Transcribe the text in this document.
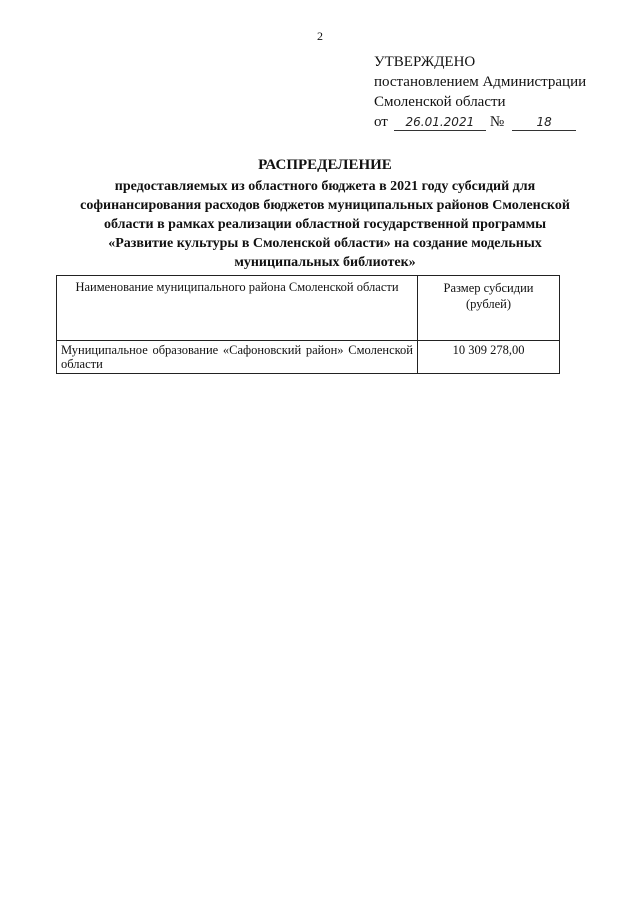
2
УТВЕРЖДЕНО
постановлением Администрации
Смоленской области
от	26.01.2021	№	18
РАСПРЕДЕЛЕНИЕ
предоставляемых из областного бюджета в 2021 году субсидий для
софинансирования расходов бюджетов муниципальных районов Смоленской
области в рамках реализации областной государственной программы
«Развитие культуры в Смоленской области» на создание модельных
муниципальных библиотек»
Наименование муниципального района Смоленской области	Размер субсидии (рублей)
Муниципальное образование «Сафоновский район» Смоленской области	10 309 278,00
